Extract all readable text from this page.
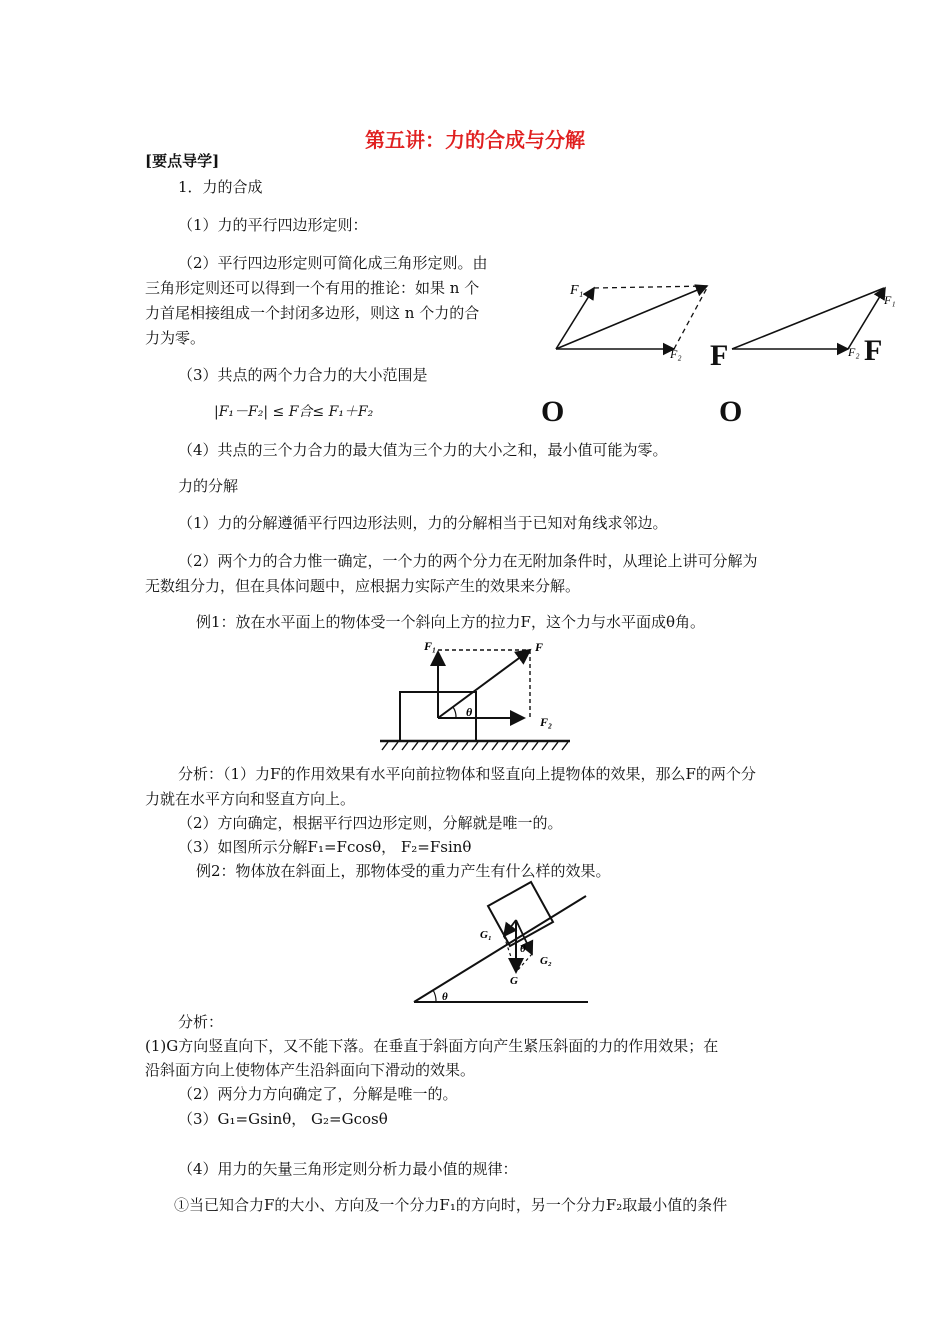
第五讲：力的合成与分解
[要点导学]
1．力的合成
（1）力的平行四边形定则：
（2）平行四边形定则可简化成三角形定则。由
三角形定则还可以得到一个有用的推论：如果 n 个
力首尾相接组成一个封闭多边形，则这 n 个力的合
力为零。
（3）共点的两个力合力的大小范围是
|F₁－F₂| ≤ F合≤ F₁＋F₂
（4）共点的三个力合力的最大值为三个力的大小之和，最小值可能为零。
力的分解
（1）力的分解遵循平行四边形法则，力的分解相当于已知对角线求邻边。
（2）两个力的合力惟一确定，一个力的两个分力在无附加条件时，从理论上讲可分解为
无数组分力，但在具体问题中，应根据力实际产生的效果来分解。
例1：放在水平面上的物体受一个斜向上方的拉力F，这个力与水平面成θ角。
分析：（1）力F的作用效果有水平向前拉物体和竖直向上提物体的效果，那么F的两个分
力就在水平方向和竖直方向上。
（2）方向确定，根据平行四边形定则，分解就是唯一的。
（3）如图所示分解F₁=Fcosθ， F₂=Fsinθ
例2：物体放在斜面上，那物体受的重力产生有什么样的效果。
分析：
(1)G方向竖直向下，又不能下落。在垂直于斜面方向产生紧压斜面的力的作用效果；在
沿斜面方向上使物体产生沿斜面向下滑动的效果。
（2）两分力方向确定了，分解是唯一的。
（3）G₁=Gsinθ， G₂=Gcosθ
（4）用力的矢量三角形定则分析力最小值的规律：
①当已知合力F的大小、方向及一个分力F₁的方向时，另一个分力F₂取最小值的条件
F₁
F₂ F
O
F₁
F₂ F
O
F₁	F
F₂
θ
G₁
G₂
G
θ
θ
